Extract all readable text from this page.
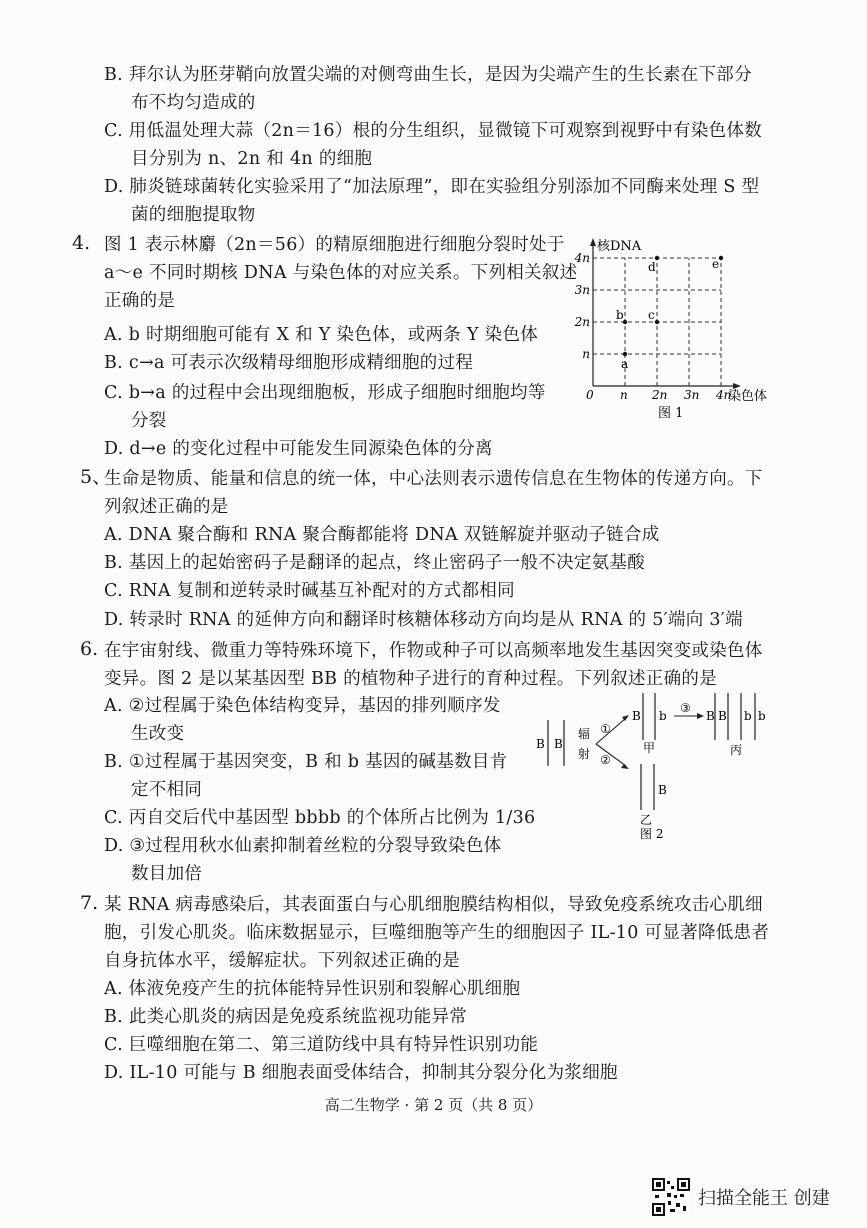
B. 拜尔认为胚芽鞘向放置尖端的对侧弯曲生长，是因为尖端产生的生长素在下部分
布不均匀造成的
C. 用低温处理大蒜（2n＝16）根的分生组织，显微镜下可观察到视野中有染色体数
目分别为 n、2n 和 4n 的细胞
D. 肺炎链球菌转化实验采用了“加法原理”，即在实验组分别添加不同酶来处理 S 型
菌的细胞提取物
4. 图 1 表示林麝（2n＝56）的精原细胞进行细胞分裂时处于
a～e 不同时期核 DNA 与染色体的对应关系。下列相关叙述
正确的是
A. b 时期细胞可能有 X 和 Y 染色体，或两条 Y 染色体
B. c→a 可表示次级精母细胞形成精细胞的过程
C. b→a 的过程中会出现细胞板，形成子细胞时细胞均等
分裂
D. d→e 的变化过程中可能发生同源染色体的分离
核DNA
染色体
0
图 1
n 2n 3n 4n
n
2n
3n
4n
a
b c
d	e
5、
生命是物质、能量和信息的统一体，中心法则表示遗传信息在生物体的传递方向。下
列叙述正确的是
A. DNA 聚合酶和 RNA 聚合酶都能将 DNA 双链解旋并驱动子链合成
B. 基因上的起始密码子是翻译的起点，终止密码子一般不决定氨基酸
C. RNA 复制和逆转录时碱基互补配对的方式都相同
D. 转录时 RNA 的延伸方向和翻译时核糖体移动方向均是从 RNA 的 5′端向 3′端
6. 在宇宙射线、微重力等特殊环境下，作物或种子可以高频率地发生基因突变或染色体
变异。图 2 是以某基因型 BB 的植物种子进行的育种过程。下列叙述正确的是
A. ②过程属于染色体结构变异，基因的排列顺序发
生改变
B. ①过程属于基因突变，B 和 b 基因的碱基数目肯
定不相同
C. 丙自交后代中基因型 bbbb 的个体所占比例为 1/36
D. ③过程用秋水仙素抑制着丝粒的分裂导致染色体
数目加倍
B B
辐
射
①
②
B b
甲
③
B B b b
丙
B
乙
图 2
7. 某 RNA 病毒感染后，其表面蛋白与心肌细胞膜结构相似，导致免疫系统攻击心肌细
胞，引发心肌炎。临床数据显示，巨噬细胞等产生的细胞因子 IL-10 可显著降低患者
自身抗体水平，缓解症状。下列叙述正确的是
A. 体液免疫产生的抗体能特异性识别和裂解心肌细胞
B. 此类心肌炎的病因是免疫系统监视功能异常
C. 巨噬细胞在第二、第三道防线中具有特异性识别功能
D. IL-10 可能与 B 细胞表面受体结合，抑制其分裂分化为浆细胞
高二生物学 · 第 2 页（共 8 页）
扫描全能王 创建
